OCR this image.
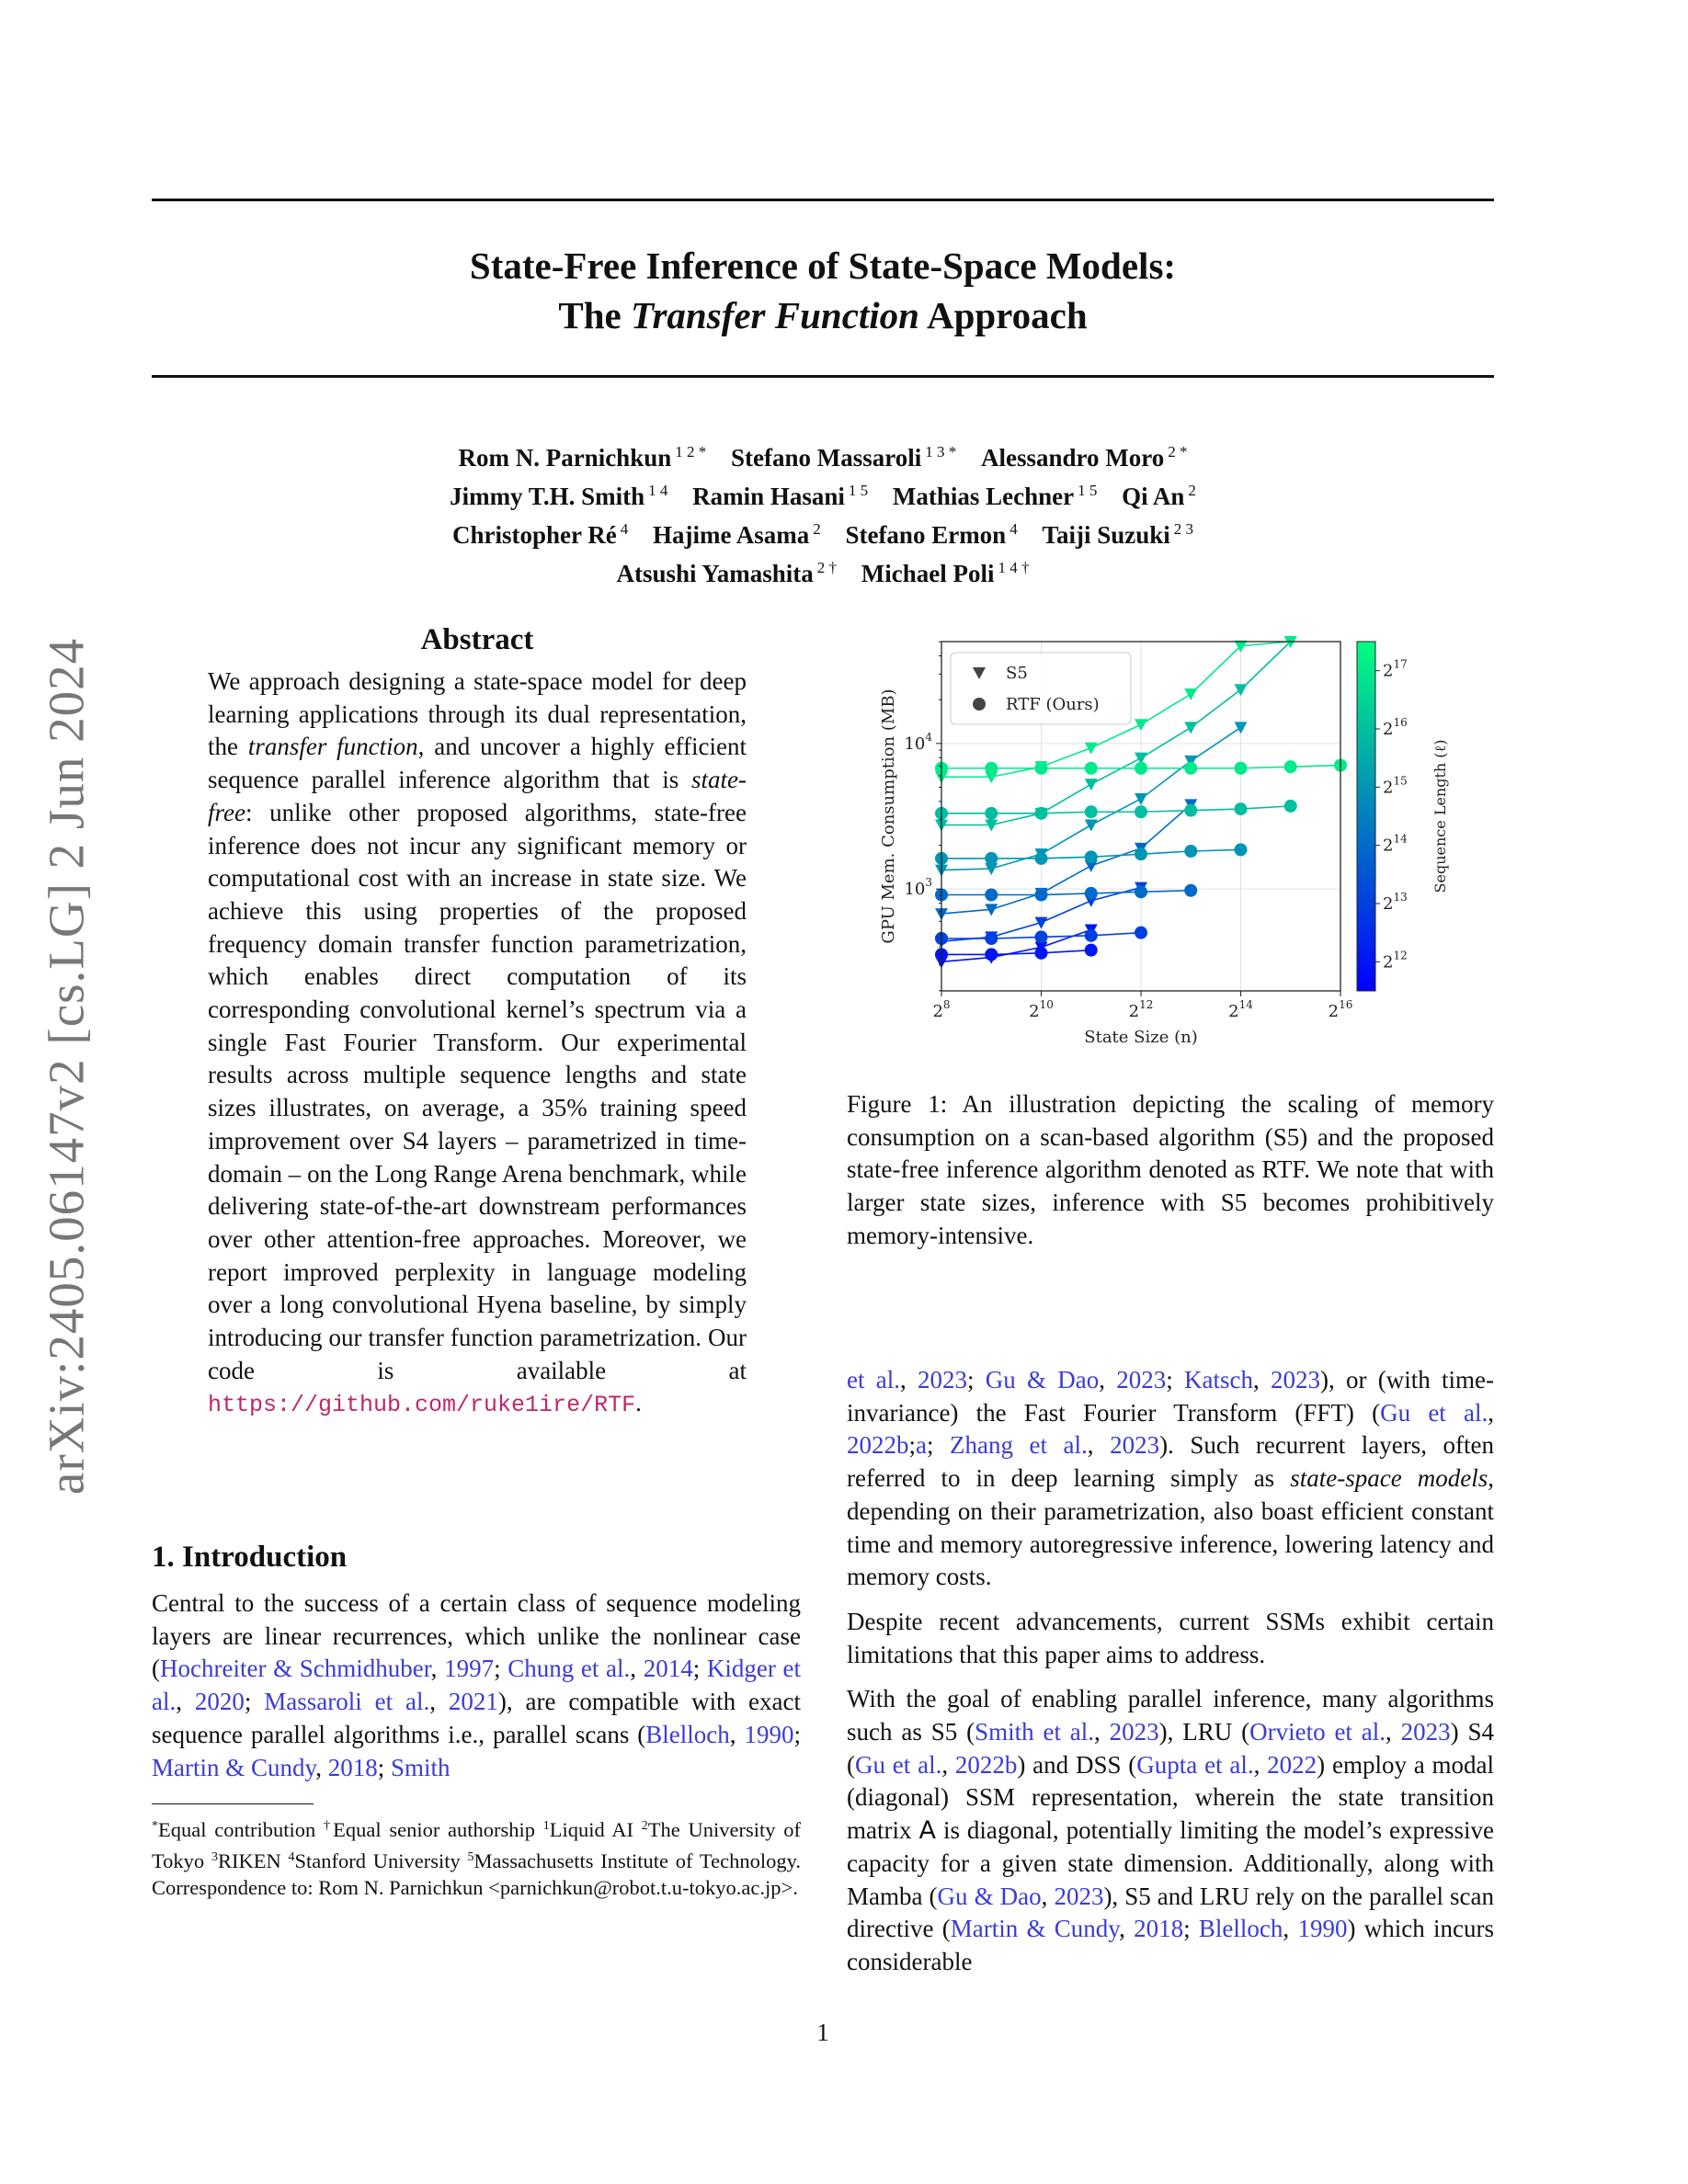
arXiv:2405.06147v2 [cs.LG] 2 Jun 2024
State-Free Inference of State-Space Models:
The Transfer Function Approach
Rom N. Parnichkun $^{1 2 *}$ Stefano Massaroli $^{1 3 *}$ Alessandro Moro $^{2 *}$
Jimmy T.H. Smith $^{1 4}$ Ramin Hasani $^{1 5}$ Mathias Lechner $^{1 5}$ Qi An $^2$
Christopher Ré $^4$ Hajime Asama $^2$ Stefano Ermon $^4$ Taiji Suzuki $^{2 3}$
Atsushi Yamashita $^{2 \dagger}$ Michael Poli $^{1 4 \dagger}$
Abstract
We approach designing a state-space model for deep learning applications through its dual representation, the transfer function, and uncover a highly efficient sequence parallel inference algorithm that is state-free: unlike other proposed algorithms, state-free inference does not incur any significant memory or computational cost with an increase in state size. We achieve this using properties of the proposed frequency domain transfer function parametrization, which enables direct computation of its corresponding convolutional kernel’s spectrum via a single Fast Fourier Transform. Our experimental results across multiple sequence lengths and state sizes illustrates, on average, a 35% training speed improvement over S4 layers – parametrized in time-domain – on the Long Range Arena benchmark, while delivering state-of-the-art downstream performances over other attention-free approaches. Moreover, we report improved perplexity in language modeling over a long convolutional Hyena baseline, by simply introducing our transfer function parametrization. Our code is available at https://github.com/ruke1ire/RTF.
1. Introduction
Central to the success of a certain class of sequence modeling layers are linear recurrences, which unlike the nonlinear case (Hochreiter & Schmidhuber, 1997; Chung et al., 2014; Kidger et al., 2020; Massaroli et al., 2021), are compatible with exact sequence parallel algorithms i.e., parallel scans (Blelloch, 1990; Martin & Cundy, 2018; Smith
*Equal contribution †Equal senior authorship $^1$Liquid AI $^2$The University of Tokyo $^3$RIKEN $^4$Stanford University $^5$Massachusetts Institute of Technology. Correspondence to: Rom N. Parnichkun <parnichkun@robot.t.u-tokyo.ac.jp>.
$2^8$	$2^{10}$	$2^{12}$	$2^{14}$	$2^{16}$
$10^3$
$10^4$
State Size (n)
GPU Mem. Consumption (MB)
S5
RTF (Ours)
$2^{12}$
$2^{13}$
$2^{14}$
$2^{15}$
$2^{16}$
$2^{17}$
Sequence Length (ℓ)
Figure 1: An illustration depicting the scaling of memory consumption on a scan-based algorithm (S5) and the proposed state-free inference algorithm denoted as RTF. We note that with larger state sizes, inference with S5 becomes prohibitively memory-intensive.

et al., 2023; Gu & Dao, 2023; Katsch, 2023), or (with time-invariance) the Fast Fourier Transform (FFT) (Gu et al., 2022b;a; Zhang et al., 2023). Such recurrent layers, often referred to in deep learning simply as state-space models, depending on their parametrization, also boast efficient constant time and memory autoregressive inference, lowering latency and memory costs.

Despite recent advancements, current SSMs exhibit certain limitations that this paper aims to address.

With the goal of enabling parallel inference, many algorithms such as S5 (Smith et al., 2023), LRU (Orvieto et al., 2023) S4 (Gu et al., 2022b) and DSS (Gupta et al., 2022) employ a modal (diagonal) SSM representation, wherein the state transition matrix A is diagonal, potentially limiting the model’s expressive capacity for a given state dimension. Additionally, along with Mamba (Gu & Dao, 2023), S5 and LRU rely on the parallel scan directive (Martin & Cundy, 2018; Blelloch, 1990) which incurs considerable

1
